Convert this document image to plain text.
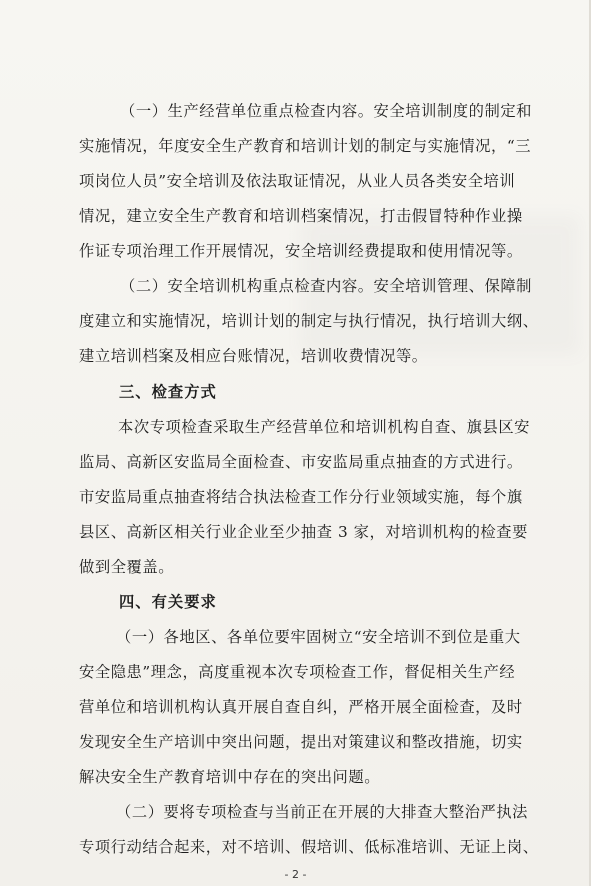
（一）生产经营单位重点检查内容。安全培训制度的制定和
实施情况，年度安全生产教育和培训计划的制定与实施情况，“三
项岗位人员”安全培训及依法取证情况，从业人员各类安全培训
情况，建立安全生产教育和培训档案情况，打击假冒特种作业操
作证专项治理工作开展情况，安全培训经费提取和使用情况等。
（二）安全培训机构重点检查内容。安全培训管理、保障制
度建立和实施情况，培训计划的制定与执行情况，执行培训大纲、
建立培训档案及相应台账情况，培训收费情况等。
三、检查方式
本次专项检查采取生产经营单位和培训机构自查、旗县区安
监局、高新区安监局全面检查、市安监局重点抽查的方式进行。
市安监局重点抽查将结合执法检查工作分行业领域实施，每个旗
县区、高新区相关行业企业至少抽查 3 家，对培训机构的检查要
做到全覆盖。
四、有关要求
（一）各地区、各单位要牢固树立“安全培训不到位是重大
安全隐患”理念，高度重视本次专项检查工作，督促相关生产经
营单位和培训机构认真开展自查自纠，严格开展全面检查，及时
发现安全生产培训中突出问题，提出对策建议和整改措施，切实
解决安全生产教育培训中存在的突出问题。
（二）要将专项检查与当前正在开展的大排查大整治严执法
专项行动结合起来，对不培训、假培训、低标准培训、无证上岗、
- 2 -
